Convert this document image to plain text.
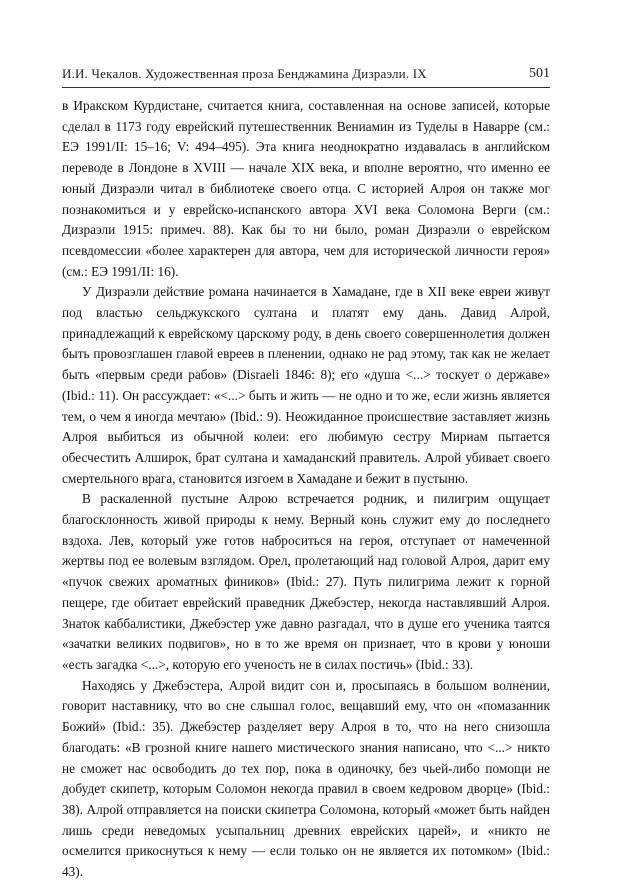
И.И. Чекалов. Художественная проза Бенджамина Дизраэли. IX	501

в Иракском Курдистане, считается книга, составленная на основе записей, которые сделал в 1173 году еврейский путешественник Вениамин из Туделы в Наварре (см.: ЕЭ 1991/II: 15–16; V: 494–495). Эта книга неоднократно издавалась в английском переводе в Лондоне в XVIII — начале XIX века, и вполне вероятно, что именно ее юный Дизраэли читал в библиотеке своего отца. С историей Алроя он также мог познакомиться и у еврейско-испанского автора XVI века Соломона Верги (см.: Дизраэли 1915: примеч. 88). Как бы то ни было, роман Дизраэли о еврейском псевдомессии «более характерен для автора, чем для исторической личности героя» (см.: ЕЭ 1991/II: 16).

У Дизраэли действие романа начинается в Хамадане, где в XII веке евреи живут под властью сельджукского султана и платят ему дань. Давид Алрой, принадлежащий к еврейскому царскому роду, в день своего совершеннолетия должен быть провозглашен главой евреев в пленении, однако не рад этому, так как не желает быть «первым среди рабов» (Disraeli 1846: 8); его «душа <...> тоскует о державе» (Ibid.: 11). Он рассуждает: «<...> быть и жить — не одно и то же, если жизнь является тем, о чем я иногда мечтаю» (Ibid.: 9). Неожиданное происшествие заставляет жизнь Алроя выбиться из обычной колеи: его любимую сестру Мириам пытается обесчестить Алширок, брат султана и хамаданский правитель. Алрой убивает своего смертельного врага, становится изгоем в Хамадане и бежит в пустыню.

В раскаленной пустыне Алрою встречается родник, и пилигрим ощущает благосклонность живой природы к нему. Верный конь служит ему до последнего вздоха. Лев, который уже готов наброситься на героя, отступает от намеченной жертвы под ее волевым взглядом. Орел, пролетающий над головой Алроя, дарит ему «пучок свежих ароматных фиников» (Ibid.: 27). Путь пилигрима лежит к горной пещере, где обитает еврейский праведник Джебэстер, некогда наставлявший Алроя. Знаток каббалистики, Джебэстер уже давно разгадал, что в душе его ученика таятся «зачатки великих подвигов», но в то же время он признает, что в крови у юноши «есть загадка <...>, которую его ученость не в силах постичь» (Ibid.: 33).

Находясь у Джебэстера, Алрой видит сон и, просыпаясь в большом волнении, говорит наставнику, что во сне слышал голос, вещавший ему, что он «помазанник Божий» (Ibid.: 35). Джебэстер разделяет веру Алроя в то, что на него снизошла благодать: «В грозной книге нашего мистического знания написано, что <...> никто не сможет нас освободить до тех пор, пока в одиночку, без чьей-либо помощи не добудет скипетр, которым Соломон некогда правил в своем кедровом дворце» (Ibid.: 38). Алрой отправляется на поиски скипетра Соломона, который «может быть найден лишь среди неведомых усыпальниц древних еврейских царей», и «никто не осмелится прикоснуться к нему — если только он не является их потомком» (Ibid.: 43).
